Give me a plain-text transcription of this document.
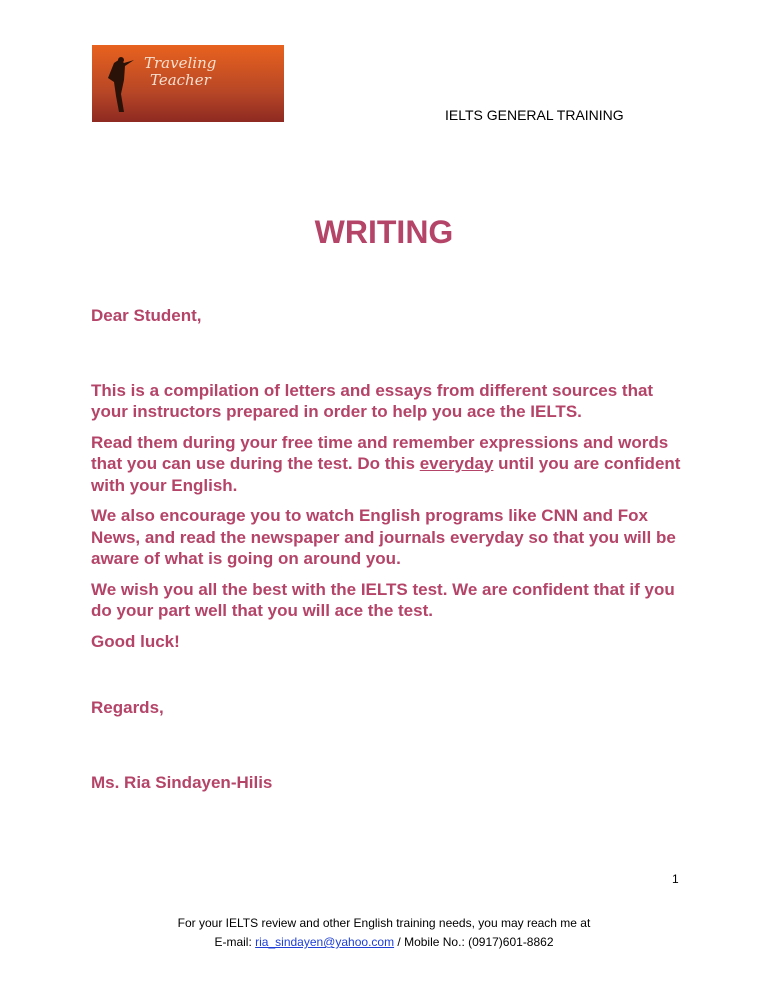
Traveling
Teacher
IELTS GENERAL TRAINING
WRITING

Dear Student,

This is a compilation of letters and essays from different sources that your instructors prepared in order to help you ace the IELTS.

Read them during your free time and remember expressions and words that you can use during the test. Do this everyday until you are confident with your English.

We also encourage you to watch English programs like CNN and Fox News, and read the newspaper and journals everyday so that you will be aware of what is going on around you.

We wish you all the best with the IELTS test. We are confident that if you do your part well that you will ace the test.

Good luck!

Regards,

Ms. Ria Sindayen-Hilis

1
For your IELTS review and other English training needs, you may reach me at
E-mail: ria_sindayen@yahoo.com / Mobile No.: (0917)601-8862
